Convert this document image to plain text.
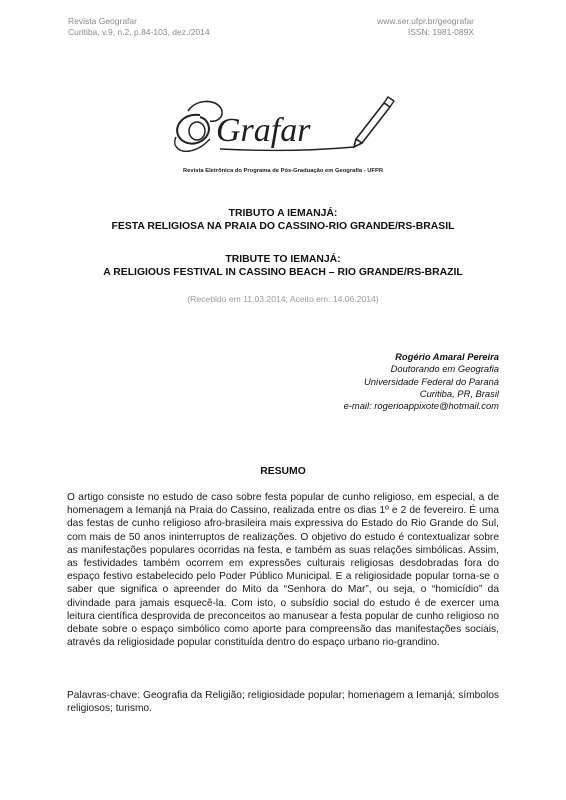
Revista Geografar
Curitiba, v.9, n.2, p.84-103, dez./2014
www.ser.ufpr.br/geografar
ISSN: 1981-089X
Grafar
Revista Eletrônica do Programa de Pós-Graduação em Geografia - UFPR
TRIBUTO A IEMANJÁ:
FESTA RELIGIOSA NA PRAIA DO CASSINO-RIO GRANDE/RS-BRASIL
TRIBUTE TO IEMANJÁ:
A RELIGIOUS FESTIVAL IN CASSINO BEACH – RIO GRANDE/RS-BRAZIL
(Recebido em 11.03.2014; Aceito em: 14.06.2014)
Rogério Amaral Pereira
Doutorando em Geografia
Universidade Federal do Paraná
Curitiba, PR, Brasil
e-mail: rogerioappixote@hotmail.com
RESUMO
O artigo consiste no estudo de caso sobre festa popular de cunho religioso, em especial, a de homenagem a Iemanjá na Praia do Cassino, realizada entre os dias 1º e 2 de fevereiro. É uma das festas de cunho religioso afro-brasileira mais expressiva do Estado do Rio Grande do Sul, com mais de 50 anos ininterruptos de realizações. O objetivo do estudo é contextualizar sobre as manifestações populares ocorridas na festa, e também as suas relações simbólicas. Assim, as festividades também ocorrem em expressões culturais religiosas desdobradas fora do espaço festivo estabelecido pelo Poder Público Municipal. E a religiosidade popular torna-se o saber que significa o apreender do Mito da “Senhora do Mar”, ou seja, o “homicídio” da divindade para jamais esquecê-la. Com isto, o subsídio social do estudo é de exercer uma leitura científica desprovida de preconceitos ao manusear a festa popular de cunho religioso no debate sobre o espaço simbólico como aporte para compreensão das manifestações sociais, através da religiosidade popular constituída dentro do espaço urbano rio-grandino.
Palavras-chave: Geografia da Religião; religiosidade popular; homenagem a Iemanjá; símbolos religiosos; turismo.
